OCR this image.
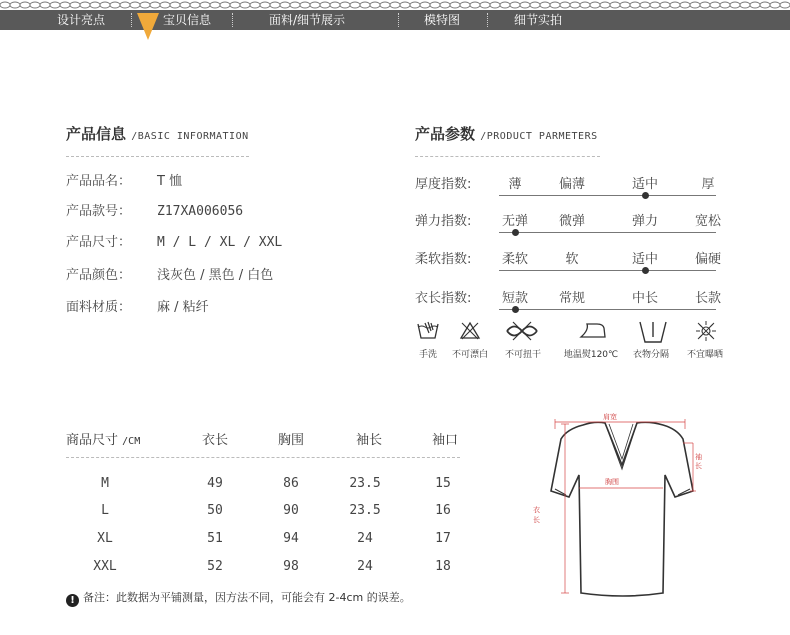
设计亮点	宝贝信息	面料/细节展示	模特图	细节实拍
产品信息 /BASIC INFORMATION
产品品名： T 恤
产品款号： Z17XA006056
产品尺寸： M / L / XL / XXL
产品颜色： 浅灰色 / 黑色 / 白色
面料材质： 麻 / 粘纤
产品参数 /PRODUCT PARMETERS
厚度指数:	薄	偏薄	适中	厚
弹力指数: 无弹 微弹	弹力	宽松
柔软指数: 柔软	软	适中	偏硬
衣长指数: 短款 常规	中长	长款
手洗 不可漂白 不可扭干	地温熨120℃ 衣物分隔 不宜曝晒
商品尺寸 /CM	衣长	胸围	袖长	袖口
M	49	86	23.5	15
L	50	90	23.5	16
XL	51	94	24	17
XXL	52	98	24	18
! 备注：此数据为平铺测量，因方法不同，可能会有 2-4cm 的误差。
肩宽
胸围
袖
长
衣
长
